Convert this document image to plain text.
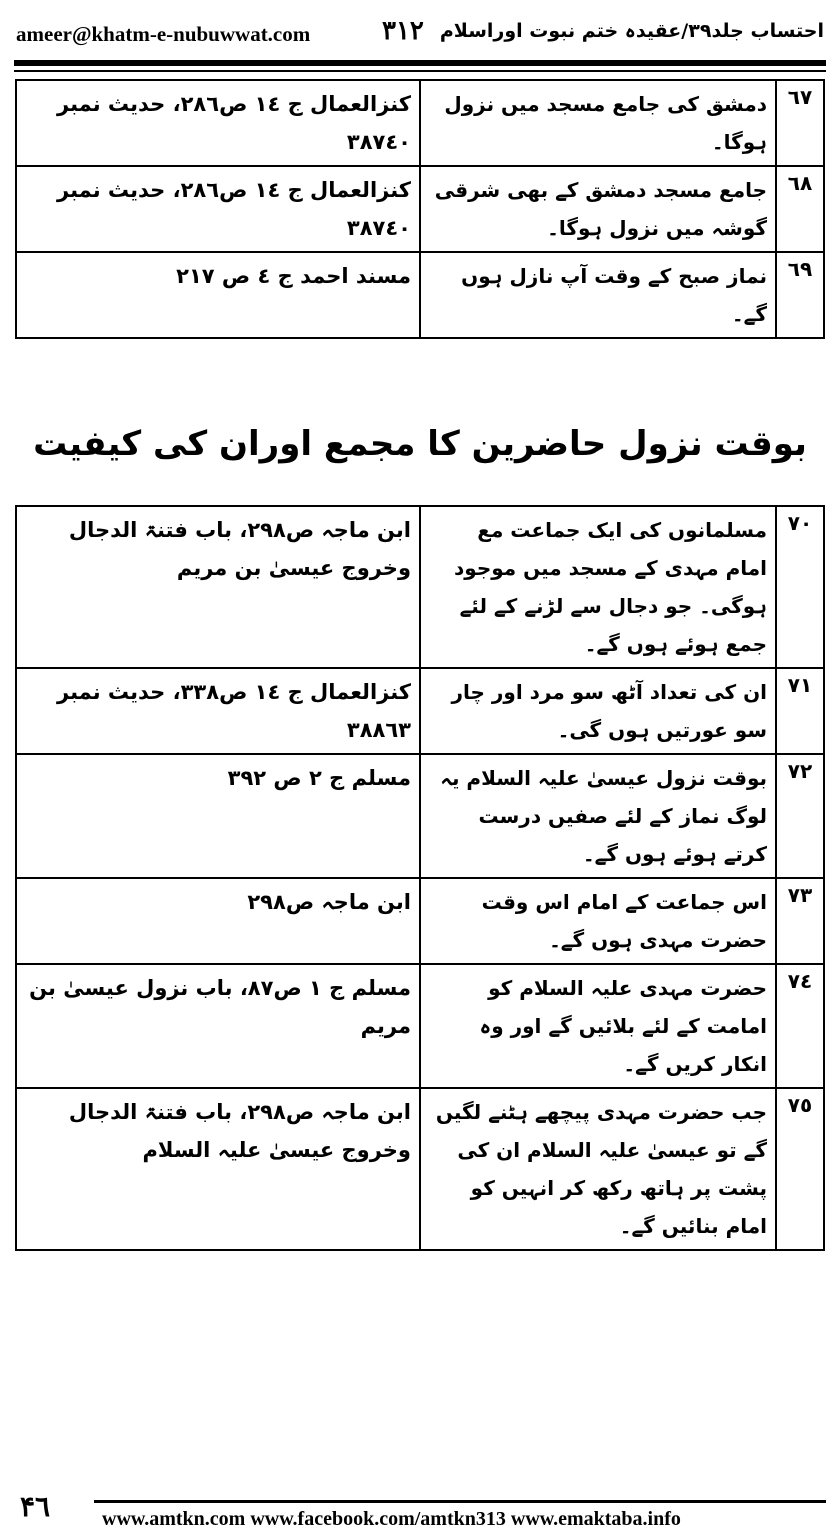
ameer@khatm-e-nubuwwat.com	۳۱۲ احتساب جلد۳۹/عقیدہ ختم نبوت اوراسلام
٦٧	دمشق کی جامع مسجد میں نزول ہوگا۔	کنزالعمال ج ١٤ ص٢٨٦، حدیث نمبر ٣٨٧٤٠
٦٨	جامع مسجد دمشق کے بھی شرقی گوشہ میں نزول ہوگا۔	کنزالعمال ج ١٤ ص٢٨٦، حدیث نمبر ٣٨٧٤٠
٦٩	نماز صبح کے وقت آپ نازل ہوں گے۔	مسند احمد ج ٤ ص ٢١٧
بوقت نزول حاضرین کا مجمع اوران کی کیفیت
٧٠	مسلمانوں کی ایک جماعت مع امام مہدی کے مسجد میں موجود ہوگی۔ جو دجال سے لڑنے کے لئے جمع ہوئے ہوں گے۔	ابن ماجہ ص٢٩٨، باب فتنۃ الدجال وخروج عیسیٰ بن مریم
٧١	ان کی تعداد آٹھ سو مرد اور چار سو عورتیں ہوں گی۔	کنزالعمال ج ١٤ ص٣٣٨، حدیث نمبر ٣٨٨٦٣
٧٢	بوقت نزول عیسیٰ علیہ السلام یہ لوگ نماز کے لئے صفیں درست کرتے ہوئے ہوں گے۔	مسلم ج ٢ ص ٣٩٢
٧٣	اس جماعت کے امام اس وقت حضرت مہدی ہوں گے۔	ابن ماجہ ص٢٩٨
٧٤	حضرت مہدی علیہ السلام کو امامت کے لئے بلائیں گے اور وہ انکار کریں گے۔	مسلم ج ١ ص٨٧، باب نزول عیسیٰ بن مریم
٧٥	جب حضرت مہدی پیچھے ہٹنے لگیں گے تو عیسیٰ علیہ السلام ان کی پشت پر ہاتھ رکھ کر انہیں کو امام بنائیں گے۔	ابن ماجہ ص٢٩٨، باب فتنۃ الدجال وخروج عیسیٰ علیہ السلام
۴٦	www.amtkn.com www.facebook.com/amtkn313 www.emaktaba.info
